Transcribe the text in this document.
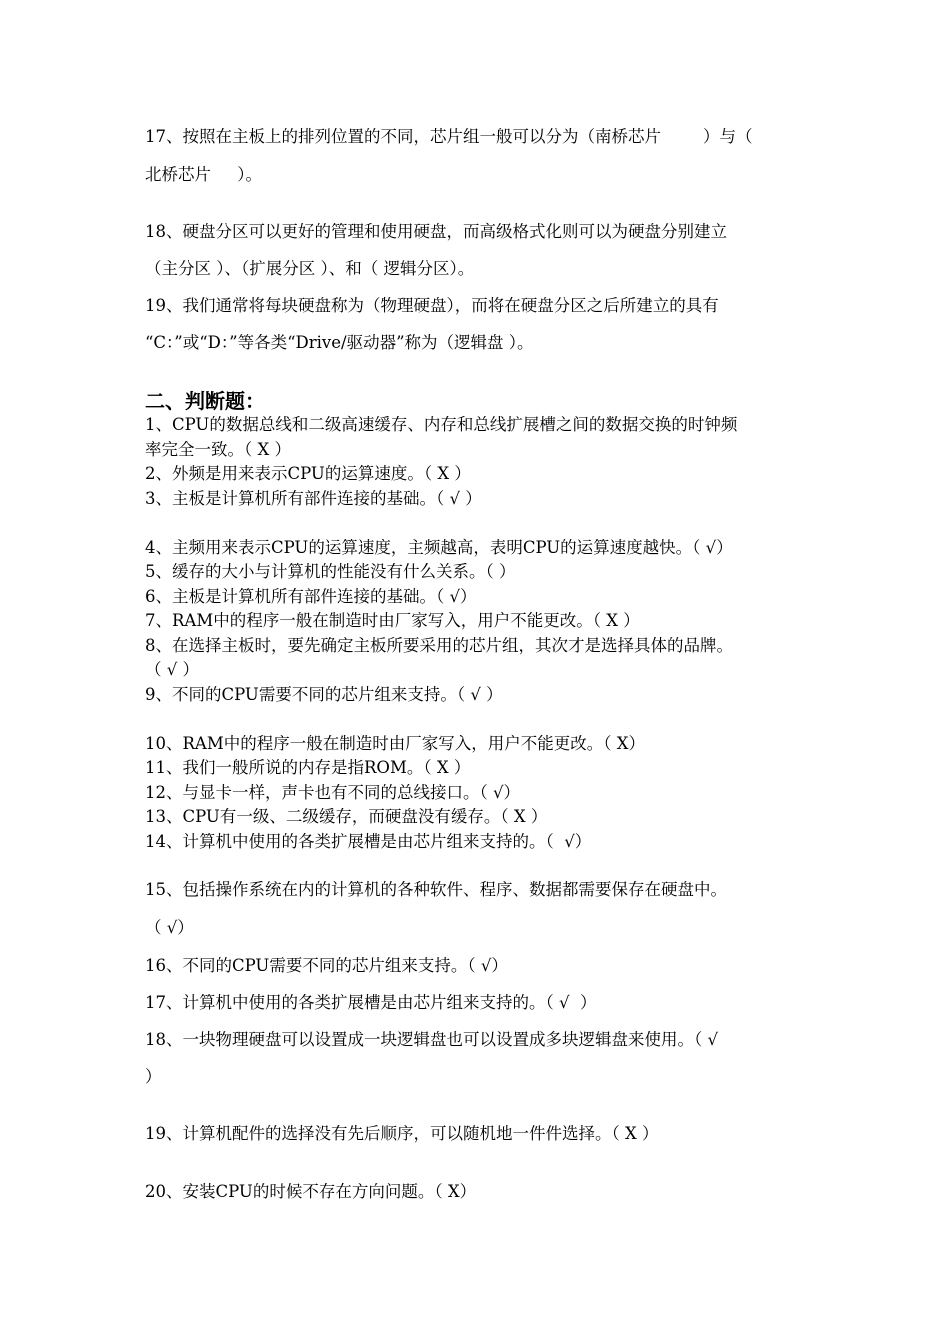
17、按照在主板上的排列位置的不同，芯片组一般可以分为（南桥芯片        ）与（
北桥芯片     ）。
18、硬盘分区可以更好的管理和使用硬盘，而高级格式化则可以为硬盘分别建立
（主分区 ）、（扩展分区 ）、和（ 逻辑分区）。
19、我们通常将每块硬盘称为（物理硬盘），而将在硬盘分区之后所建立的具有
“C：”或“D：”等各类“Drive/驱动器”称为（逻辑盘 ）。
二、判断题：
1、CPU的数据总线和二级高速缓存、内存和总线扩展槽之间的数据交换的时钟频
率完全一致。（ X ）
2、外频是用来表示CPU的运算速度。（ X ）
3、主板是计算机所有部件连接的基础。（ √ ）
4、主频用来表示CPU的运算速度，主频越高，表明CPU的运算速度越快。（ √）
5、缓存的大小与计算机的性能没有什么关系。（ ）
6、主板是计算机所有部件连接的基础。（ √）
7、RAM中的程序一般在制造时由厂家写入，用户不能更改。（ X ）
8、在选择主板时，要先确定主板所要采用的芯片组，其次才是选择具体的品牌。
（ √ ）
9、不同的CPU需要不同的芯片组来支持。（ √ ）
10、RAM中的程序一般在制造时由厂家写入，用户不能更改。（ X）
11、我们一般所说的内存是指ROM。（ X ）
12、与显卡一样，声卡也有不同的总线接口。（ √）
13、CPU有一级、二级缓存，而硬盘没有缓存。（ X ）
14、计算机中使用的各类扩展槽是由芯片组来支持的。（  √）
15、包括操作系统在内的计算机的各种软件、程序、数据都需要保存在硬盘中。
（ √）
16、不同的CPU需要不同的芯片组来支持。（ √）
17、计算机中使用的各类扩展槽是由芯片组来支持的。（ √  ）
18、一块物理硬盘可以设置成一块逻辑盘也可以设置成多块逻辑盘来使用。（ √
）
19、计算机配件的选择没有先后顺序，可以随机地一件件选择。（ X ）
20、安装CPU的时候不存在方向问题。（ X）
